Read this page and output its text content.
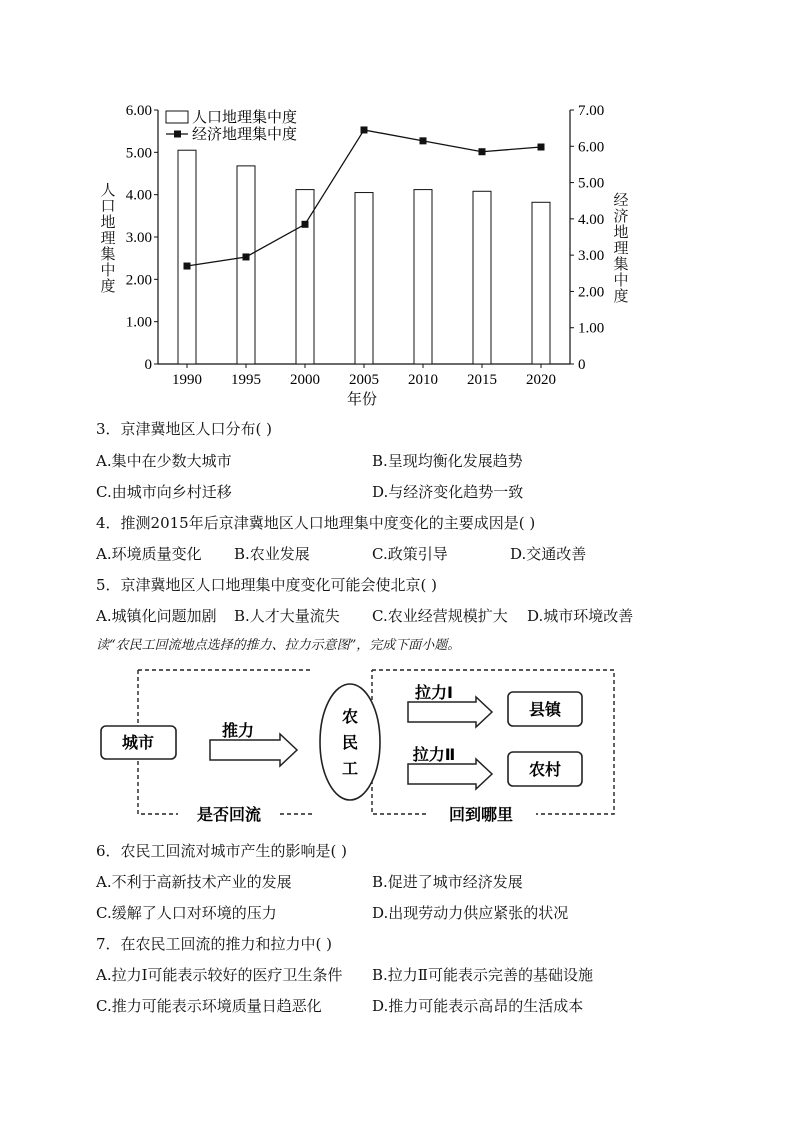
0
1.00
2.00
3.00
4.00
5.00
6.00
0
1.00
2.00
3.00
4.00
5.00
6.00
7.00
1990 1995 2000 2005 2010 2015 2020
年份
人口地理集中度
经济地理集中度
人
口
地
理
集
中
度
经
济
地
理
集
中
度
3．京津冀地区人口分布( )
A.集中在少数大城市	B.呈现均衡化发展趋势
C.由城市向乡村迁移	D.与经济变化趋势一致
4．推测2015年后京津冀地区人口地理集中度变化的主要成因是( )
A.环境质量变化 B.农业发展	C.政策引导	D.交通改善
5．京津冀地区人口地理集中度变化可能会使北京( )
A.城镇化问题加剧 B.人才大量流失 C.农业经营规模扩大 D.城市环境改善
读“农民工回流地点选择的推力、拉力示意图”，完成下面小题。
城市
推力
农
民
工
拉力Ⅰ
拉力Ⅱ
县镇
农村
是否回流	回到哪里
6．农民工回流对城市产生的影响是( )
A.不利于高新技术产业的发展	B.促进了城市经济发展
C.缓解了人口对环境的压力	D.出现劳动力供应紧张的状况
7．在农民工回流的推力和拉力中( )
A.拉力Ⅰ可能表示较好的医疗卫生条件 B.拉力Ⅱ可能表示完善的基础设施
C.推力可能表示环境质量日趋恶化	D.推力可能表示高昂的生活成本
